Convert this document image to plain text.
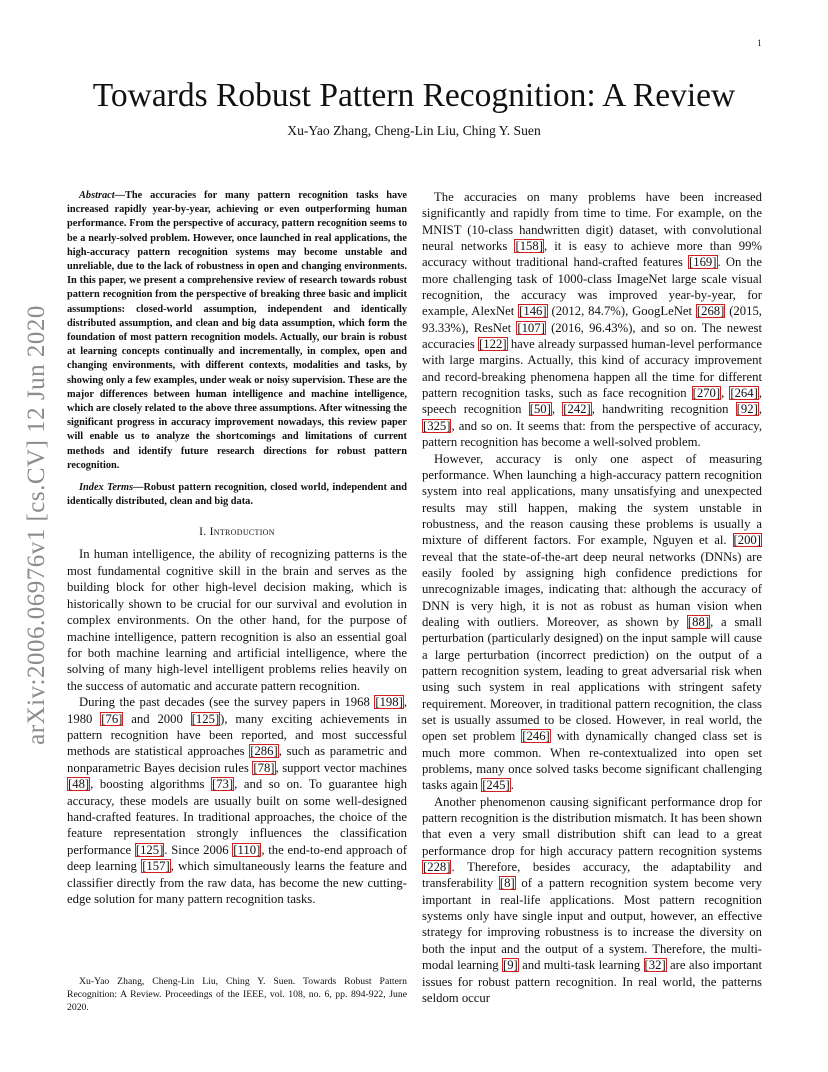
1
arXiv:2006.06976v1 [cs.CV] 12 Jun 2020
Towards Robust Pattern Recognition: A Review
Xu-Yao Zhang, Cheng-Lin Liu, Ching Y. Suen

Abstract—The accuracies for many pattern recognition tasks have increased rapidly year-by-year, achieving or even outperforming human performance. From the perspective of accuracy, pattern recognition seems to be a nearly-solved problem. However, once launched in real applications, the high-accuracy pattern recognition systems may become unstable and unreliable, due to the lack of robustness in open and changing environments. In this paper, we present a comprehensive review of research towards robust pattern recognition from the perspective of breaking three basic and implicit assumptions: closed-world assumption, independent and identically distributed assumption, and clean and big data assumption, which form the foundation of most pattern recognition models. Actually, our brain is robust at learning concepts continually and incrementally, in complex, open and changing environments, with different contexts, modalities and tasks, by showing only a few examples, under weak or noisy supervision. These are the major differences between human intelligence and machine intelligence, which are closely related to the above three assumptions. After witnessing the significant progress in accuracy improvement nowadays, this review paper will enable us to analyze the shortcomings and limitations of current methods and identify future research directions for robust pattern recognition.

Index Terms—Robust pattern recognition, closed world, independent and identically distributed, clean and big data.

I. Introduction

In human intelligence, the ability of recognizing patterns is the most fundamental cognitive skill in the brain and serves as the building block for other high-level decision making, which is historically shown to be crucial for our survival and evolution in complex environments. On the other hand, for the purpose of machine intelligence, pattern recognition is also an essential goal for both machine learning and artificial intelligence, where the solving of many high-level intelligent problems relies heavily on the success of automatic and accurate pattern recognition.

During the past decades (see the survey papers in 1968 [198], 1980 [76] and 2000 [125]), many exciting achievements in pattern recognition have been reported, and most successful methods are statistical approaches [286], such as parametric and nonparametric Bayes decision rules [78], support vector machines [48], boosting algorithms [73], and so on. To guarantee high accuracy, these models are usually built on some well-designed hand-crafted features. In traditional approaches, the choice of the feature representation strongly influences the classification performance [125]. Since 2006 [110], the end-to-end approach of deep learning [157], which simultaneously learns the feature and classifier directly from the raw data, has become the new cutting-edge solution for many pattern recognition tasks.

The accuracies on many problems have been increased significantly and rapidly from time to time. For example, on the MNIST (10-class handwritten digit) dataset, with convolutional neural networks [158], it is easy to achieve more than 99% accuracy without traditional hand-crafted features [169]. On the more challenging task of 1000-class ImageNet large scale visual recognition, the accuracy was improved year-by-year, for example, AlexNet [146] (2012, 84.7%), GoogLeNet [268] (2015, 93.33%), ResNet [107] (2016, 96.43%), and so on. The newest accuracies [122] have already surpassed human-level performance with large margins. Actually, this kind of accuracy improvement and record-breaking phenomena happen all the time for different pattern recognition tasks, such as face recognition [270], [264], speech recognition [50], [242], handwriting recognition [92], [325], and so on. It seems that: from the perspective of accuracy, pattern recognition has become a well-solved problem.

However, accuracy is only one aspect of measuring performance. When launching a high-accuracy pattern recognition system into real applications, many unsatisfying and unexpected results may still happen, making the system unstable in robustness, and the reason causing these problems is usually a mixture of different factors. For example, Nguyen et al. [200] reveal that the state-of-the-art deep neural networks (DNNs) are easily fooled by assigning high confidence predictions for unrecognizable images, indicating that: although the accuracy of DNN is very high, it is not as robust as human vision when dealing with outliers. Moreover, as shown by [88], a small perturbation (particularly designed) on the input sample will cause a large perturbation (incorrect prediction) on the output of a pattern recognition system, leading to great adversarial risk when using such system in real applications with stringent safety requirement. Moreover, in traditional pattern recognition, the class set is usually assumed to be closed. However, in real world, the open set problem [246] with dynamically changed class set is much more common. When re-contextualized into open set problems, many once solved tasks become significant challenging tasks again [245].

Another phenomenon causing significant performance drop for pattern recognition is the distribution mismatch. It has been shown that even a very small distribution shift can lead to a great performance drop for high accuracy pattern recognition systems [228]. Therefore, besides accuracy, the adaptability and transferability [8] of a pattern recognition system become very important in real-life applications. Most pattern recognition systems only have single input and output, however, an effective strategy for improving robustness is to increase the diversity on both the input and the output of a system. Therefore, the multi-modal learning [9] and multi-task learning [32] are also important issues for robust pattern recognition. In real world, the patterns seldom occur

Xu-Yao Zhang, Cheng-Lin Liu, Ching Y. Suen. Towards Robust Pattern Recognition: A Review. Proceedings of the IEEE, vol. 108, no. 6, pp. 894-922, June 2020.
